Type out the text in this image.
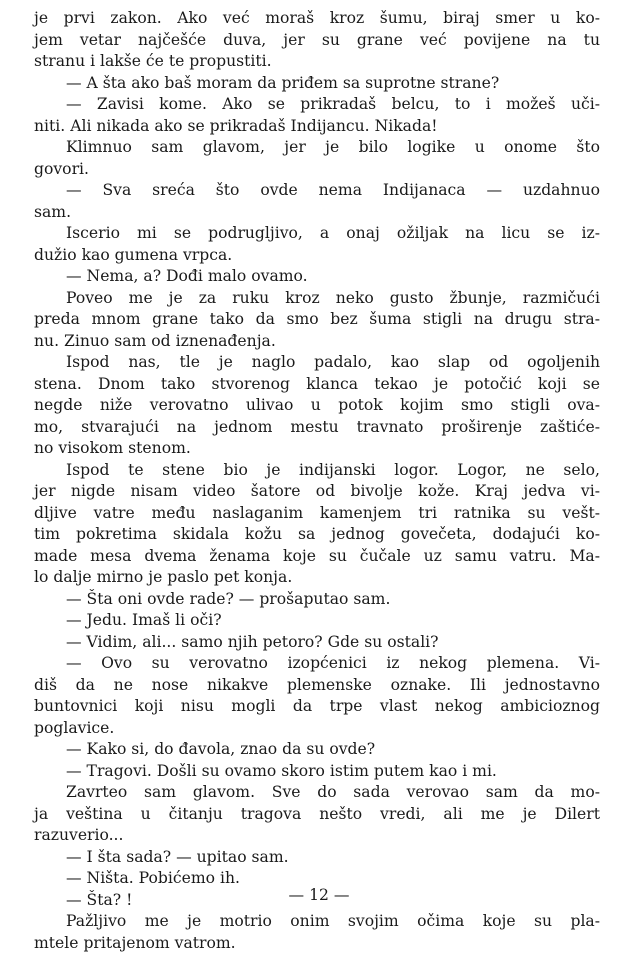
je prvi zakon. Ako već moraš kroz šumu, biraj smer u ko-
jem vetar najčešće duva, jer su grane već povijene na tu
stranu i lakše će te propustiti.
— A šta ako baš moram da priđem sa suprotne strane?
— Zavisi kome. Ako se prikradaš belcu, to i možeš uči-
niti. Ali nikada ako se prikradaš Indijancu. Nikada!
Klimnuo sam glavom, jer je bilo logike u onome što
govori.
— Sva sreća što ovde nema Indijanaca — uzdahnuo
sam.
Iscerio mi se podrugljivo, a onaj ožiljak na licu se iz-
dužio kao gumena vrpca.
— Nema, a? Dođi malo ovamo.
Poveo me je za ruku kroz neko gusto žbunje, razmičući
preda mnom grane tako da smo bez šuma stigli na drugu stra-
nu. Zinuo sam od iznenađenja.
Ispod nas, tle je naglo padalo, kao slap od ogoljenih
stena. Dnom tako stvorenog klanca tekao je potočić koji se
negde niže verovatno ulivao u potok kojim smo stigli ova-
mo, stvarajući na jednom mestu travnato proširenje zaštiće-
no visokom stenom.
Ispod te stene bio je indijanski logor. Logor, ne selo,
jer nigde nisam video šatore od bivolje kože. Kraj jedva vi-
dljive vatre među naslaganim kamenjem tri ratnika su vešt-
tim pokretima skidala kožu sa jednog govečeta, dodajući ko-
made mesa dvema ženama koje su čučale uz samu vatru. Ma-
lo dalje mirno je paslo pet konja.
— Šta oni ovde rade? — prošaputao sam.
— Jedu. Imaš li oči?
— Vidim, ali... samo njih petoro? Gde su ostali?
— Ovo su verovatno izopćenici iz nekog plemena. Vi-
diš da ne nose nikakve plemenske oznake. Ili jednostavno
buntovnici koji nisu mogli da trpe vlast nekog ambicioznog
poglavice.
— Kako si, do đavola, znao da su ovde?
— Tragovi. Došli su ovamo skoro istim putem kao i mi.
Zavrteo sam glavom. Sve do sada verovao sam da mo-
ja veština u čitanju tragova nešto vredi, ali me je Dilert
razuverio...
— I šta sada? — upitao sam.
— Ništa. Pobićemo ih.
— Šta? !
Pažljivo me je motrio onim svojim očima koje su pla-
mtele pritajenom vatrom.
— 12 —
